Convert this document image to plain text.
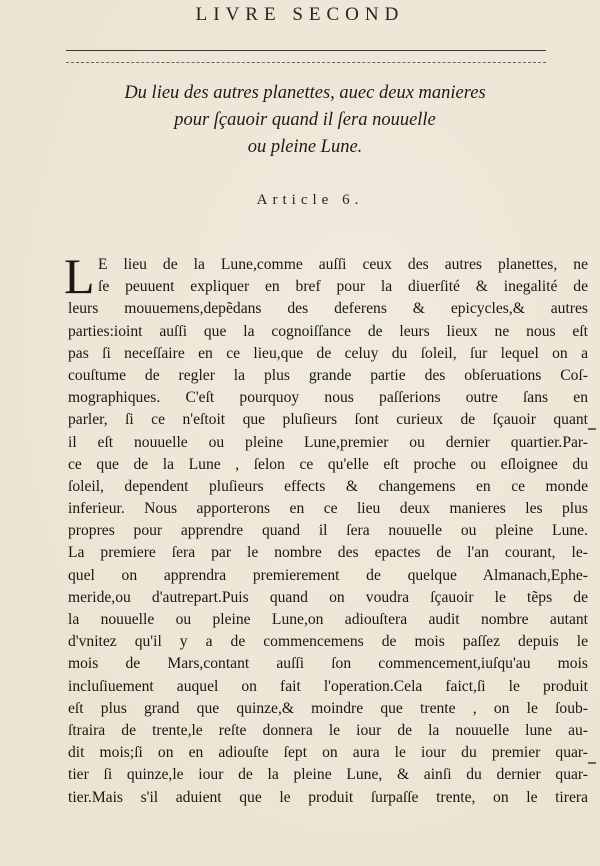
LIVRE SECOND
Du lieu des autres planettes, auec deux manieres
pour ſçauoir quand il ſera nouuelle
ou pleine Lune.
Article 6.
L E lieu de la Lune,comme auſſi ceux des autres planettes, ne
ſe peuuent expliquer en bref pour la diuerſité & inegalité de
leurs mouuemens,depẽdans des deferens & epicycles,& autres
parties:ioint auſſi que la cognoiſſance de leurs lieux ne nous eſt
pas ſi neceſſaire en ce lieu,que de celuy du ſoleil, ſur lequel on a
couſtume de regler la plus grande partie des obſeruations Coſ-
mographiques. C'eſt pourquoy nous paſſerions outre ſans en
parler, ſi ce n'eſtoit que pluſieurs ſont curieux de ſçauoir quant
il eſt nouuelle ou pleine Lune,premier ou dernier quartier.Par-
ce que de la Lune , ſelon ce qu'elle eſt proche ou eſloignee du
ſoleil, dependent pluſieurs effects & changemens en ce monde
inferieur. Nous apporterons en ce lieu deux manieres les plus
propres pour apprendre quand il ſera nouuelle ou pleine Lune.
La premiere ſera par le nombre des epactes de l'an courant, le-
quel on apprendra premierement de quelque Almanach,Ephe-
meride,ou d'autrepart.Puis quand on voudra ſçauoir le tẽps de
la nouuelle ou pleine Lune,on adiouſtera audit nombre autant
d'vnitez qu'il y a de commencemens de mois paſſez depuis le
mois de Mars,contant auſſi ſon commencement,iuſqu'au mois
incluſiuement auquel on fait l'operation.Cela faict,ſi le produit
eſt plus grand que quinze,& moindre que trente , on le ſoub-
ſtraira de trente,le reſte donnera le iour de la nouuelle lune au-
dit mois;ſi on en adiouſte ſept on aura le iour du premier quar-
tier ſi quinze,le iour de la pleine Lune, & ainſi du dernier quar-
tier.Mais s'il aduient que le produit ſurpaſſe trente, on le tirera
